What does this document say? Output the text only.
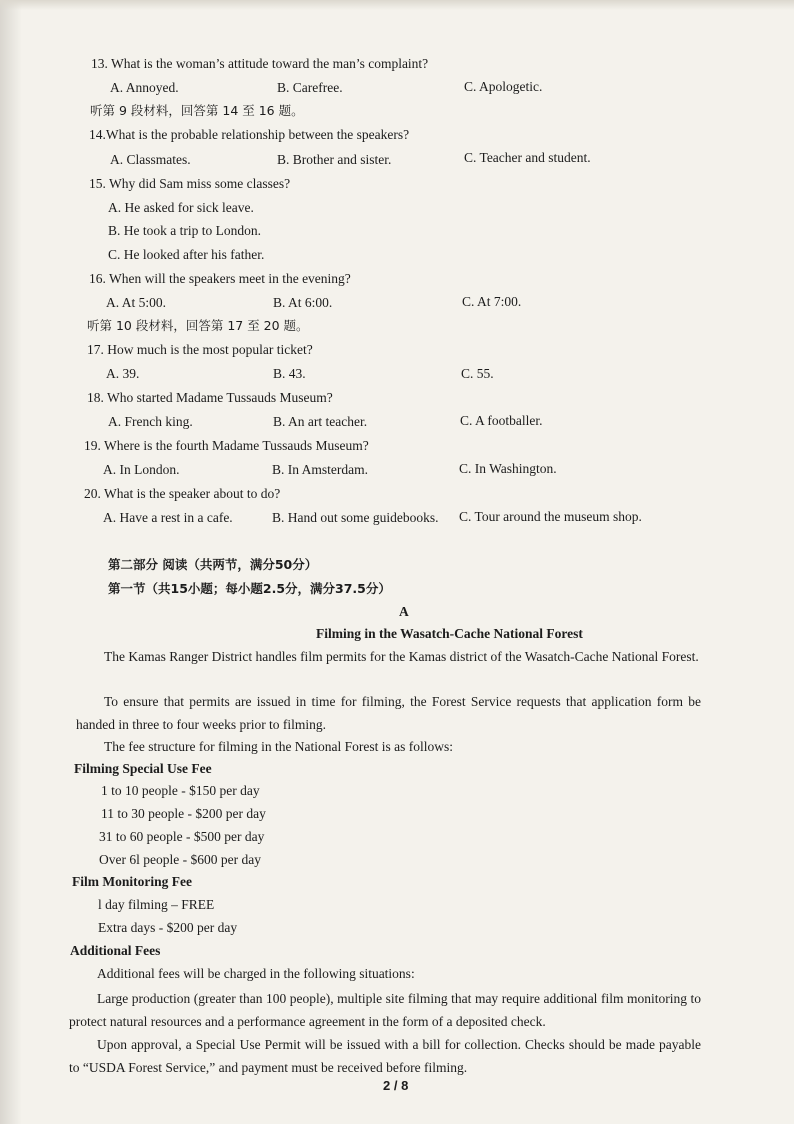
13. What is the woman’s attitude toward the man’s complaint?
A. Annoyed.	B. Carefree.	C. Apologetic.
听第 9 段材料，回答第 14 至 16 题。
14.What is the probable relationship between the speakers?
A. Classmates.	B. Brother and sister.	C. Teacher and student.
15. Why did Sam miss some classes?
A. He asked for sick leave.
B. He took a trip to London.
C. He looked after his father.
16. When will the speakers meet in the evening?
A. At 5:00.	B. At 6:00.	C. At 7:00.
听第 10 段材料，回答第 17 至 20 题。
17. How much is the most popular ticket?
A. 39.	B. 43.	C. 55.
18. Who started Madame Tussauds Museum?
A. French king.	B. An art teacher.	C. A footballer.
19. Where is the fourth Madame Tussauds Museum?
A. In London.	B. In Amsterdam.	C. In Washington.
20. What is the speaker about to do?
A. Have a rest in a cafe.	B. Hand out some guidebooks. C. Tour around the museum shop.
第二部分 阅读（共两节，满分50分）
第一节（共15小题；每小题2.5分，满分37.5分）
A
Filming in the Wasatch-Cache National Forest
The Kamas Ranger District handles film permits for the Kamas district of the Wasatch-Cache National Forest.
To ensure that permits are issued in time for filming, the Forest Service requests that application form be handed in three to four weeks prior to filming.
The fee structure for filming in the National Forest is as follows:
Filming Special Use Fee
1 to 10 people - $150 per day
11 to 30 people - $200 per day
31 to 60 people - $500 per day
Over 6l people - $600 per day
Film Monitoring Fee
l day filming – FREE
Extra days - $200 per day
Additional Fees
Additional fees will be charged in the following situations:
Large production (greater than 100 people), multiple site filming that may require additional film monitoring to protect natural resources and a performance agreement in the form of a deposited check.
Upon approval, a Special Use Permit will be issued with a bill for collection. Checks should be made payable to “USDA Forest Service,” and payment must be received before filming.
2 / 8
